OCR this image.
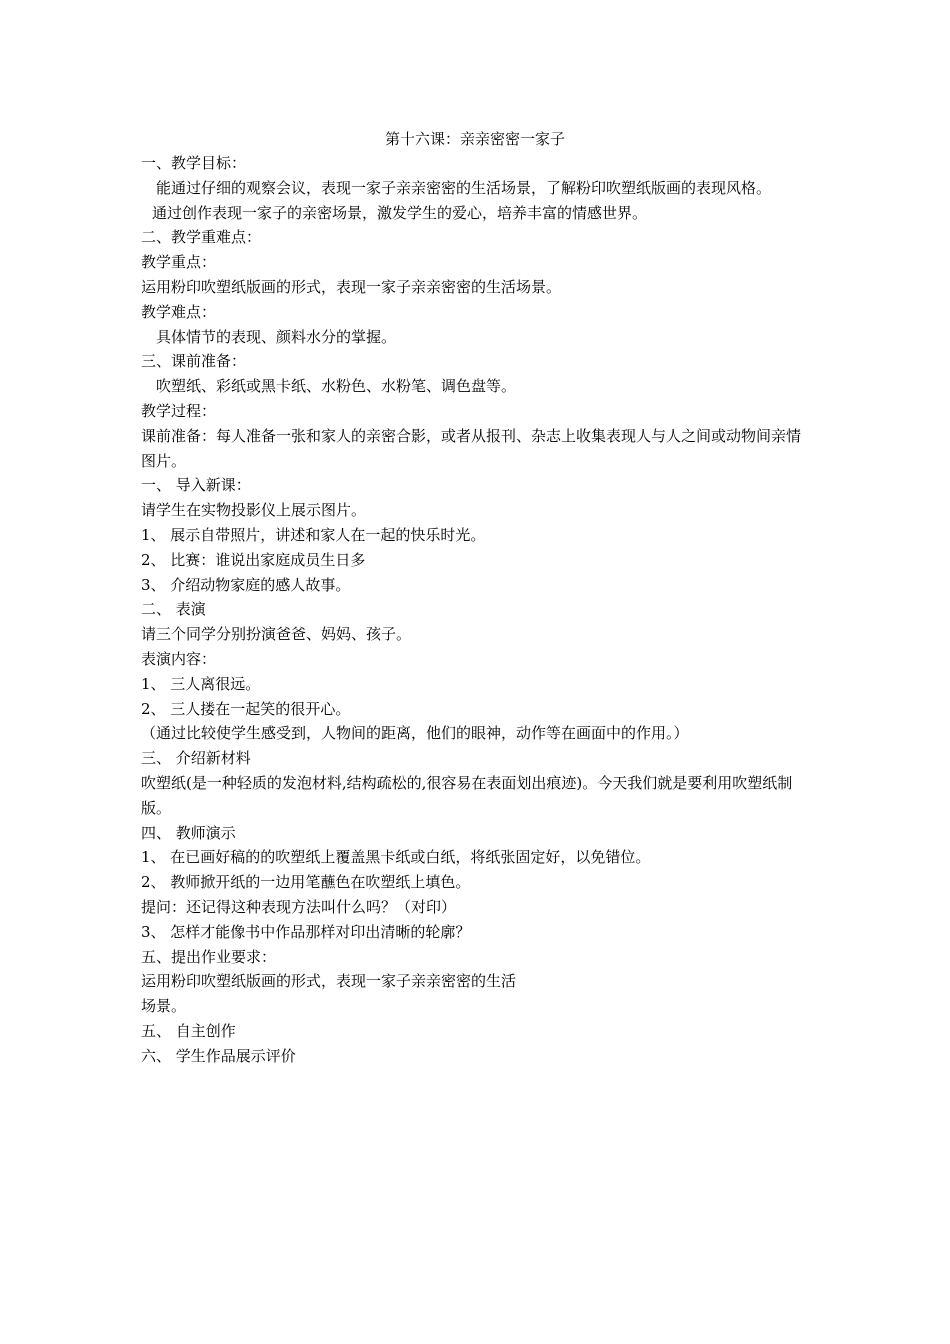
第十六课：亲亲密密一家子

一、教学目标：

能通过仔细的观察会议，表现一家子亲亲密密的生活场景，了解粉印吹塑纸版画的表现风格。

通过创作表现一家子的亲密场景，激发学生的爱心，培养丰富的情感世界。

二、教学重难点：

教学重点：

运用粉印吹塑纸版画的形式，表现一家子亲亲密密的生活场景。

教学难点：

具体情节的表现、颜料水分的掌握。

三、课前准备：

吹塑纸、彩纸或黑卡纸、水粉色、水粉笔、调色盘等。

教学过程：

课前准备：每人准备一张和家人的亲密合影，或者从报刊、杂志上收集表现人与人之间或动物间亲情图片。

一、 导入新课：

请学生在实物投影仪上展示图片。

1、 展示自带照片，讲述和家人在一起的快乐时光。

2、 比赛：谁说出家庭成员生日多

3、 介绍动物家庭的感人故事。

二、 表演

请三个同学分别扮演爸爸、妈妈、孩子。

表演内容：

1、 三人离很远。

2、 三人搂在一起笑的很开心。

（通过比较使学生感受到，人物间的距离，他们的眼神，动作等在画面中的作用。）

三、 介绍新材料

吹塑纸(是一种轻质的发泡材料,结构疏松的,很容易在表面划出痕迹)。今天我们就是要利用吹塑纸制版。

四、 教师演示

1、 在已画好稿的的吹塑纸上覆盖黑卡纸或白纸，将纸张固定好，以免错位。

2、 教师掀开纸的一边用笔蘸色在吹塑纸上填色。

提问：还记得这种表现方法叫什么吗？（对印）

3、 怎样才能像书中作品那样对印出清晰的轮廓？

五、提出作业要求：

运用粉印吹塑纸版画的形式，表现一家子亲亲密密的生活

场景。

五、 自主创作

六、 学生作品展示评价
